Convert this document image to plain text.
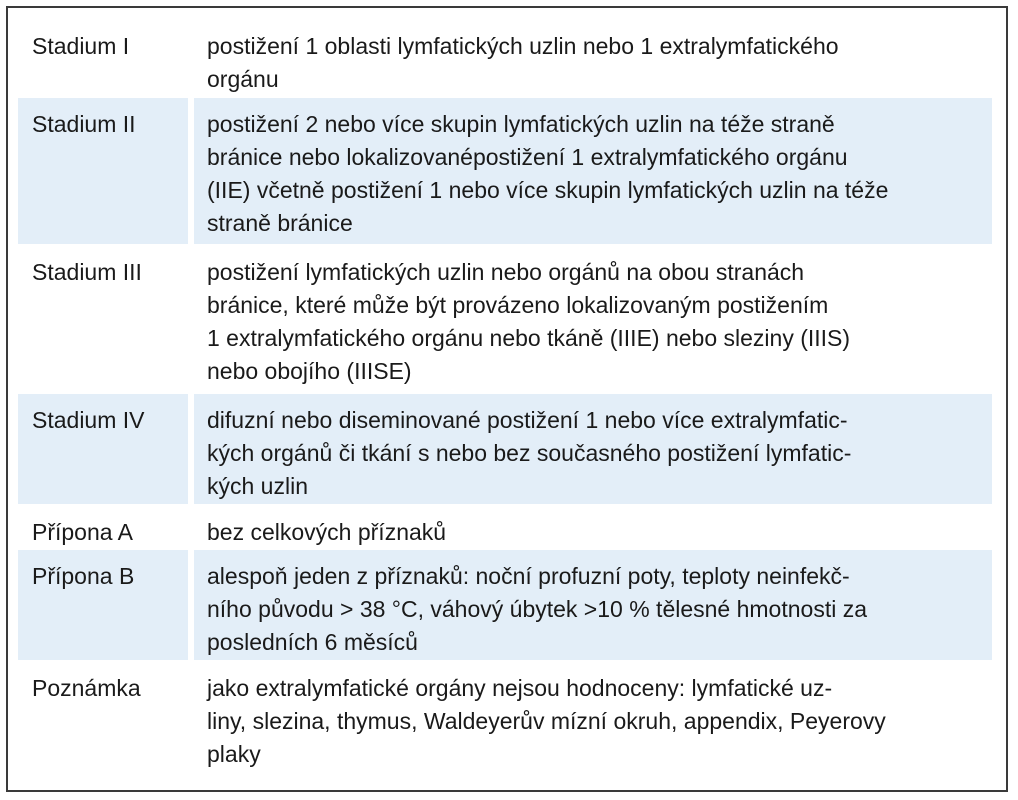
Stadium I	postižení 1 oblasti lymfatických uzlin nebo 1 extralymfatického
orgánu
Stadium II	postižení 2 nebo více skupin lymfatických uzlin na téže straně
bránice nebo lokalizovanépostižení 1 extralymfatického orgánu
(IIE) včetně postižení 1 nebo více skupin lymfatických uzlin na téže
straně bránice
Stadium III	postižení lymfatických uzlin nebo orgánů na obou stranách
bránice, které může být provázeno lokalizovaným postižením
1 extralymfatického orgánu nebo tkáně (IIIE) nebo sleziny (IIIS)
nebo obojího (IIISE)
Stadium IV	difuzní nebo diseminované postižení 1 nebo více extralymfatic-
kých orgánů či tkání s nebo bez současného postižení lymfatic-
kých uzlin
Přípona A	bez celkových příznaků
Přípona B	alespoň jeden z příznaků: noční profuzní poty, teploty neinfekč-
ního původu > 38 °C, váhový úbytek >10 % tělesné hmotnosti za
posledních 6 měsíců
Poznámka	jako extralymfatické orgány nejsou hodnoceny: lymfatické uz-
liny, slezina, thymus, Waldeyerův mízní okruh, appendix, Peyerovy
plaky
